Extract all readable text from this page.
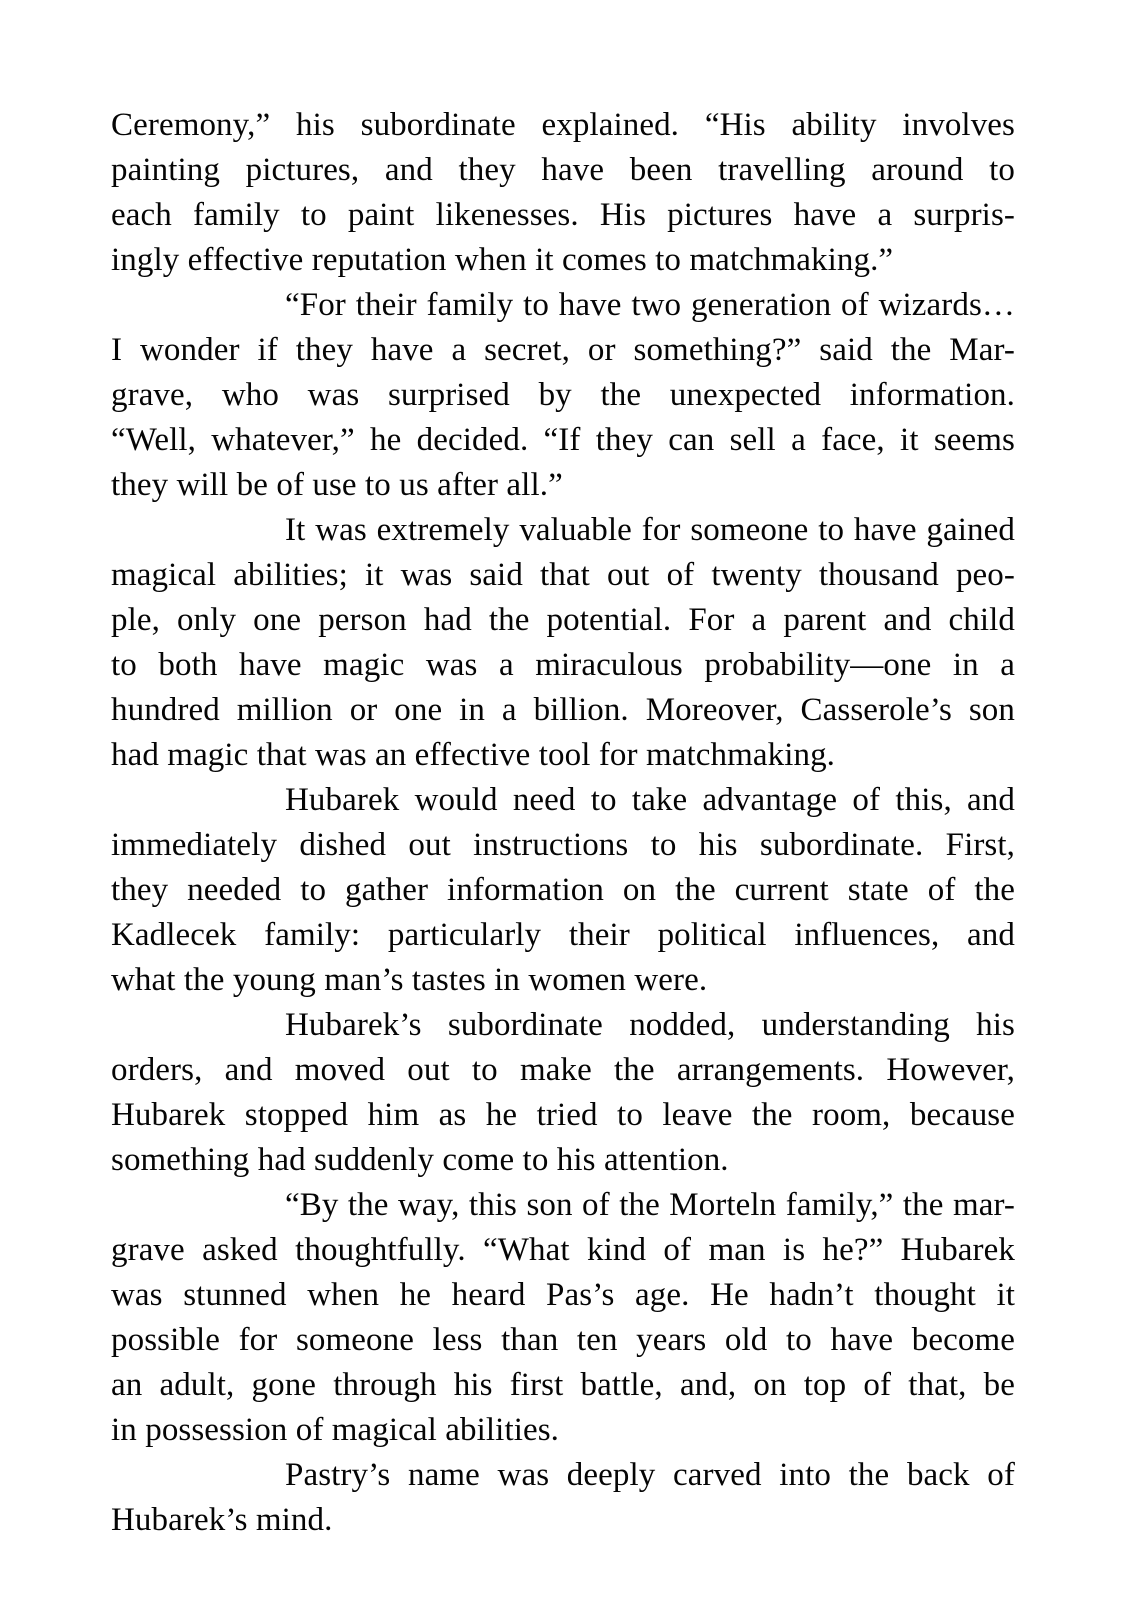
Ceremony,” his subordinate explained. “His ability involves
painting pictures, and they have been travelling around to
each family to paint likenesses. His pictures have a surpris-
ingly effective reputation when it comes to matchmaking.”

“For their family to have two generation of wizards…
I wonder if they have a secret, or something?” said the Mar-
grave, who was surprised by the unexpected information.
“Well, whatever,” he decided. “If they can sell a face, it seems
they will be of use to us after all.”

It was extremely valuable for someone to have gained
magical abilities; it was said that out of twenty thousand peo-
ple, only one person had the potential. For a parent and child
to both have magic was a miraculous probability—one in a
hundred million or one in a billion. Moreover, Casserole’s son
had magic that was an effective tool for matchmaking.

Hubarek would need to take advantage of this, and
immediately dished out instructions to his subordinate. First,
they needed to gather information on the current state of the
Kadlecek family: particularly their political influences, and
what the young man’s tastes in women were.

Hubarek’s subordinate nodded, understanding his
orders, and moved out to make the arrangements. However,
Hubarek stopped him as he tried to leave the room, because
something had suddenly come to his attention.

“By the way, this son of the Morteln family,” the mar-
grave asked thoughtfully. “What kind of man is he?” Hubarek
was stunned when he heard Pas’s age. He hadn’t thought it
possible for someone less than ten years old to have become
an adult, gone through his first battle, and, on top of that, be
in possession of magical abilities.

Pastry’s name was deeply carved into the back of
Hubarek’s mind.
